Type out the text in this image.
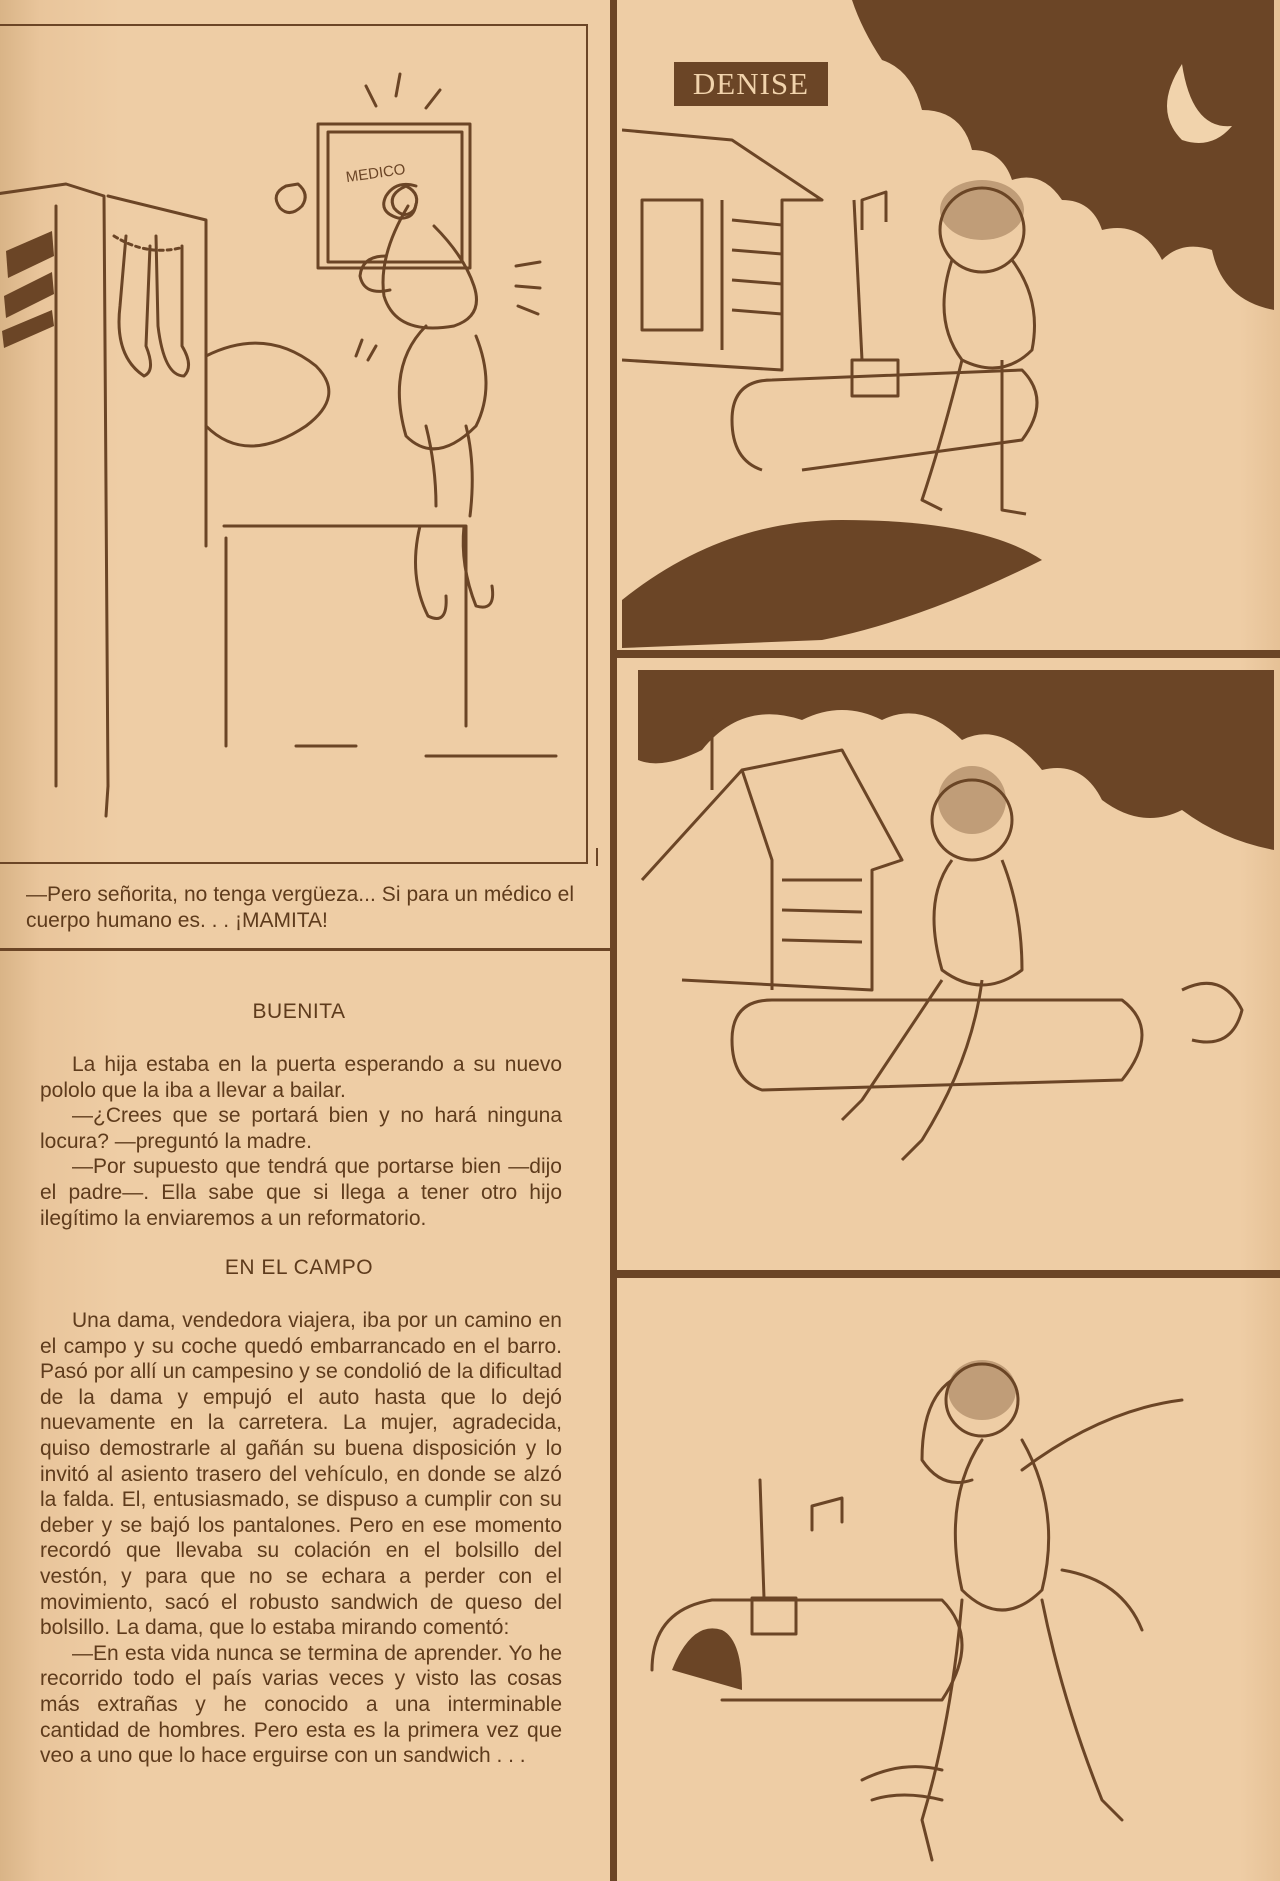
MEDICO
—Pero señorita, no tenga vergüeza... Si para un médico el cuerpo humano es. . . ¡MAMITA!
BUENITA

La hija estaba en la puerta esperando a su nuevo pololo que la iba a llevar a bailar.

—¿Crees que se portará bien y no hará ninguna locura? —preguntó la madre.

—Por supuesto que tendrá que portarse bien —dijo el padre—. Ella sabe que si llega a tener otro hijo ilegítimo la enviaremos a un reformatorio.

EN EL CAMPO

Una dama, vendedora viajera, iba por un camino en el campo y su coche quedó embarrancado en el barro. Pasó por allí un campesino y se condolió de la dificultad de la dama y empujó el auto hasta que lo dejó nuevamente en la carretera. La mujer, agradecida, quiso demostrarle al gañán su buena disposición y lo invitó al asiento trasero del vehículo, en donde se alzó la falda. El, entusiasmado, se dispuso a cumplir con su deber y se bajó los pantalones. Pero en ese momento recordó que llevaba su colación en el bolsillo del vestón, y para que no se echara a perder con el movimiento, sacó el robusto sandwich de queso del bolsillo. La dama, que lo estaba mirando comentó:

—En esta vida nunca se termina de aprender. Yo he recorrido todo el país varias veces y visto las cosas más extrañas y he conocido a una interminable cantidad de hombres. Pero esta es la primera vez que veo a uno que lo hace erguirse con un sandwich . . .

DENISE
